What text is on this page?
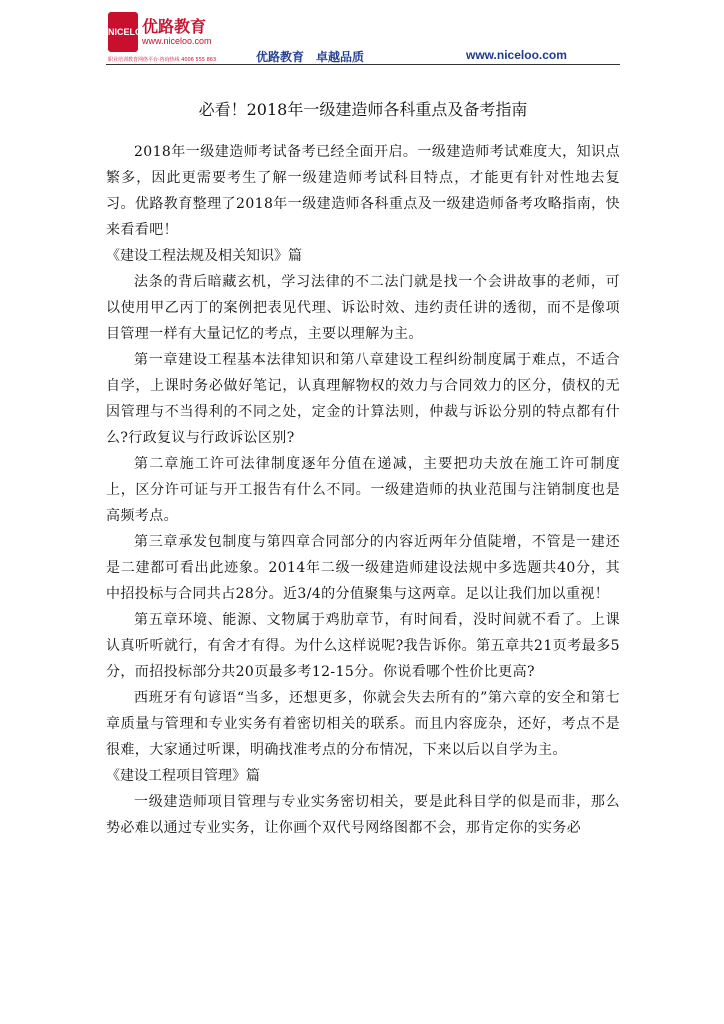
NICELOO
优路教育
www.niceloo.com
职业培训教育网络平台·咨询热线 4006 555 863	优路教育　卓越品质	www.niceloo.com
必看！2018年一级建造师各科重点及备考指南

2018年一级建造师考试备考已经全面开启。一级建造师考试难度大，知识点繁多，因此更需要考生了解一级建造师考试科目特点，才能更有针对性地去复习。优路教育整理了2018年一级建造师各科重点及一级建造师备考攻略指南，快来看看吧！

《建设工程法规及相关知识》篇

法条的背后暗藏玄机，学习法律的不二法门就是找一个会讲故事的老师，可以使用甲乙丙丁的案例把表见代理、诉讼时效、违约责任讲的透彻，而不是像项目管理一样有大量记忆的考点，主要以理解为主。

第一章建设工程基本法律知识和第八章建设工程纠纷制度属于难点，不适合自学，上课时务必做好笔记，认真理解物权的效力与合同效力的区分，债权的无因管理与不当得利的不同之处，定金的计算法则，仲裁与诉讼分别的特点都有什么?行政复议与行政诉讼区别?

第二章施工许可法律制度逐年分值在递减，主要把功夫放在施工许可制度上，区分许可证与开工报告有什么不同。一级建造师的执业范围与注销制度也是高频考点。

第三章承发包制度与第四章合同部分的内容近两年分值陡增，不管是一建还是二建都可看出此迹象。2014年二级一级建造师建设法规中多选题共40分，其中招投标与合同共占28分。近3/4的分值聚集与这两章。足以让我们加以重视！

第五章环境、能源、文物属于鸡肋章节，有时间看，没时间就不看了。上课认真听听就行，有舍才有得。为什么这样说呢?我告诉你。第五章共21页考最多5分，而招投标部分共20页最多考12-15分。你说看哪个性价比更高?

西班牙有句谚语“当多，还想更多，你就会失去所有的”第六章的安全和第七章质量与管理和专业实务有着密切相关的联系。而且内容庞杂，还好，考点不是很难，大家通过听课，明确找准考点的分布情况，下来以后以自学为主。

《建设工程项目管理》篇

一级建造师项目管理与专业实务密切相关，要是此科目学的似是而非，那么势必难以通过专业实务，让你画个双代号网络图都不会，那肯定你的实务必
